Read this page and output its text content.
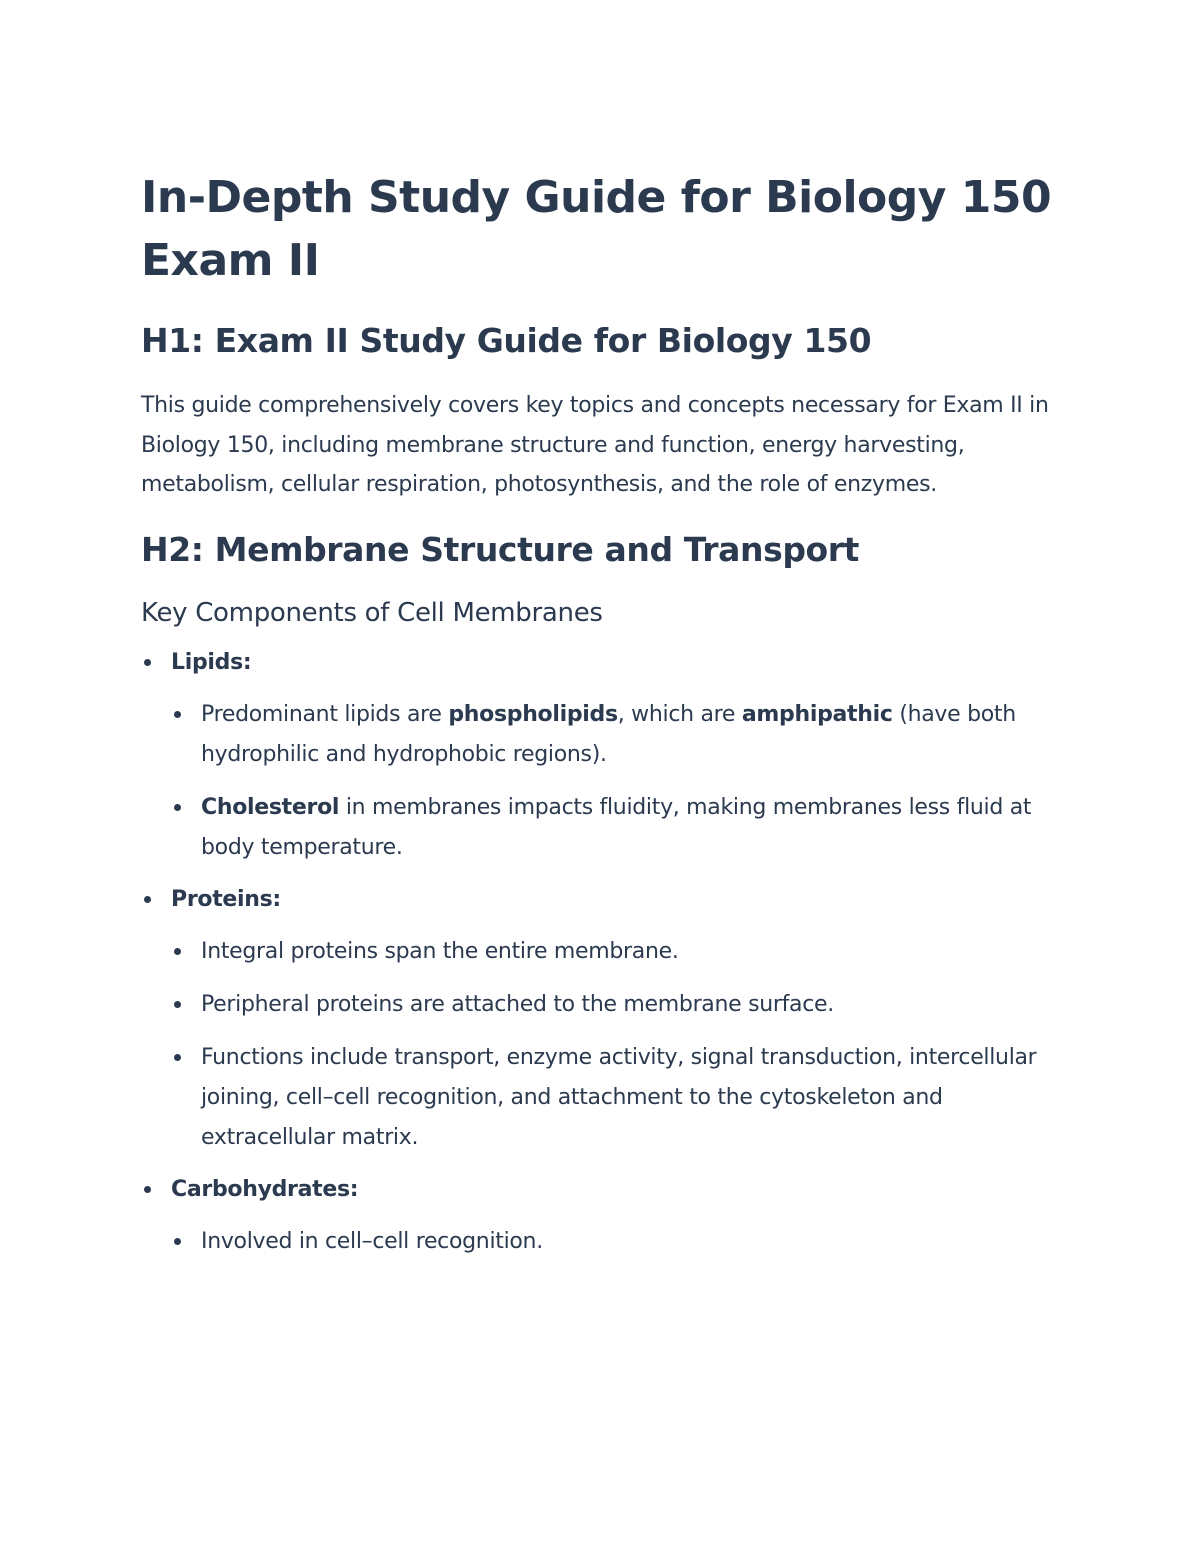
In-Depth Study Guide for Biology 150 Exam II
H1: Exam II Study Guide for Biology 150

This guide comprehensively covers key topics and concepts necessary for Exam II in Biology 150, including membrane structure and function, energy harvesting, metabolism, cellular respiration, photosynthesis, and the role of enzymes.

H2: Membrane Structure and Transport
Key Components of Cell Membranes
Lipids:
Predominant lipids are phospholipids, which are amphipathic (have both hydrophilic and hydrophobic regions).
Cholesterol in membranes impacts fluidity, making membranes less fluid at body temperature.
Proteins:
Integral proteins span the entire membrane.
Peripheral proteins are attached to the membrane surface.
Functions include transport, enzyme activity, signal transduction, intercellular joining, cell–cell recognition, and attachment to the cytoskeleton and extracellular matrix.
Carbohydrates:
Involved in cell–cell recognition.
